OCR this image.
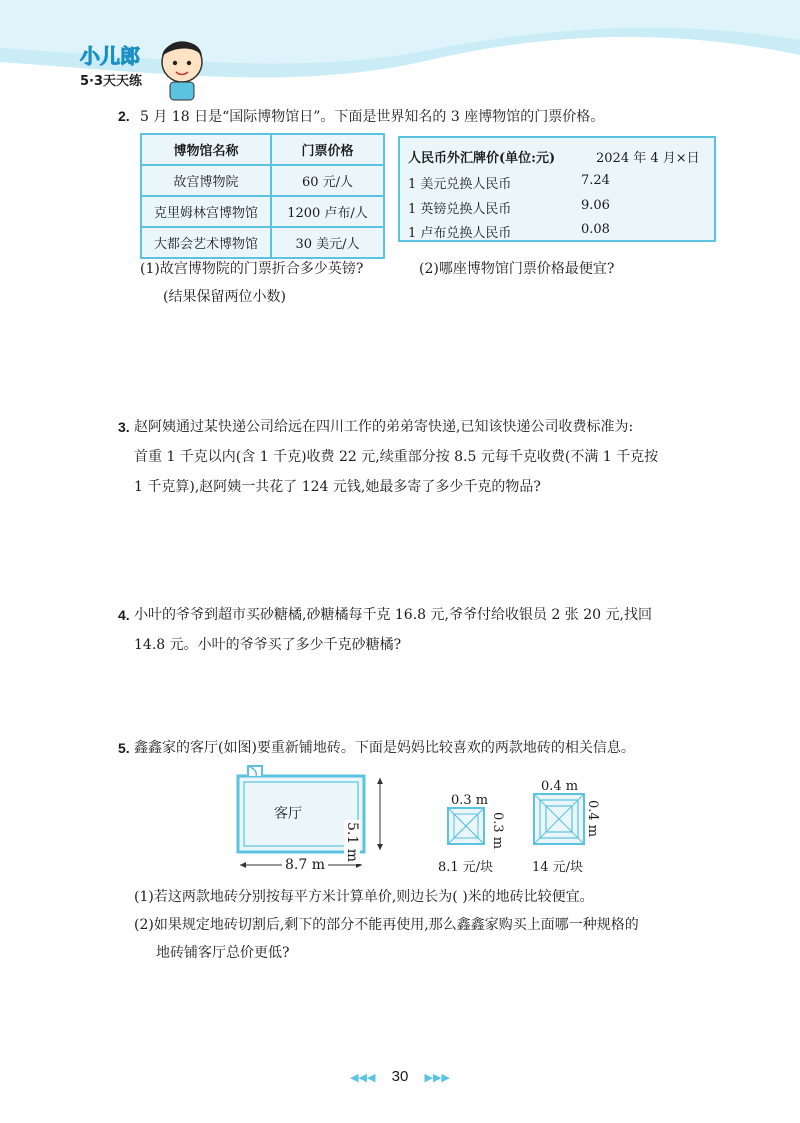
小儿郎
5·3天天练
2. 5 月 18 日是“国际博物馆日”。下面是世界知名的 3 座博物馆的门票价格。
博物馆名称	门票价格
故宫博物院	60 元/人
克里姆林宫博物馆	1200 卢布/人
大都会艺术博物馆	30 美元/人
人民币外汇牌价(单位:元)	2024 年 4 月×日
1 美元兑换人民币	7.24
1 英镑兑换人民币	9.06
1 卢布兑换人民币	0.08
(1)故宫博物院的门票折合多少英镑?
(结果保留两位小数)
(2)哪座博物馆门票价格最便宜?
3. 赵阿姨通过某快递公司给远在四川工作的弟弟寄快递,已知该快递公司收费标准为:
首重 1 千克以内(含 1 千克)收费 22 元,续重部分按 8.5 元每千克收费(不满 1 千克按
1 千克算),赵阿姨一共花了 124 元钱,她最多寄了多少千克的物品?
4. 小叶的爷爷到超市买砂糖橘,砂糖橘每千克 16.8 元,爷爷付给收银员 2 张 20 元,找回
14.8 元。小叶的爷爷买了多少千克砂糖橘?
5. 鑫鑫家的客厅(如图)要重新铺地砖。下面是妈妈比较喜欢的两款地砖的相关信息。
客厅
8.7 m
5.1 m
0.3 m
0.3 m
8.1 元/块
0.4 m
0.4 m
14 元/块
(1)若这两款地砖分别按每平方米计算单价,则边长为( )米的地砖比较便宜。
(2)如果规定地砖切割后,剩下的部分不能再使用,那么鑫鑫家购买上面哪一种规格的
地砖铺客厅总价更低?
◀◀◀ 30 ▶▶▶
